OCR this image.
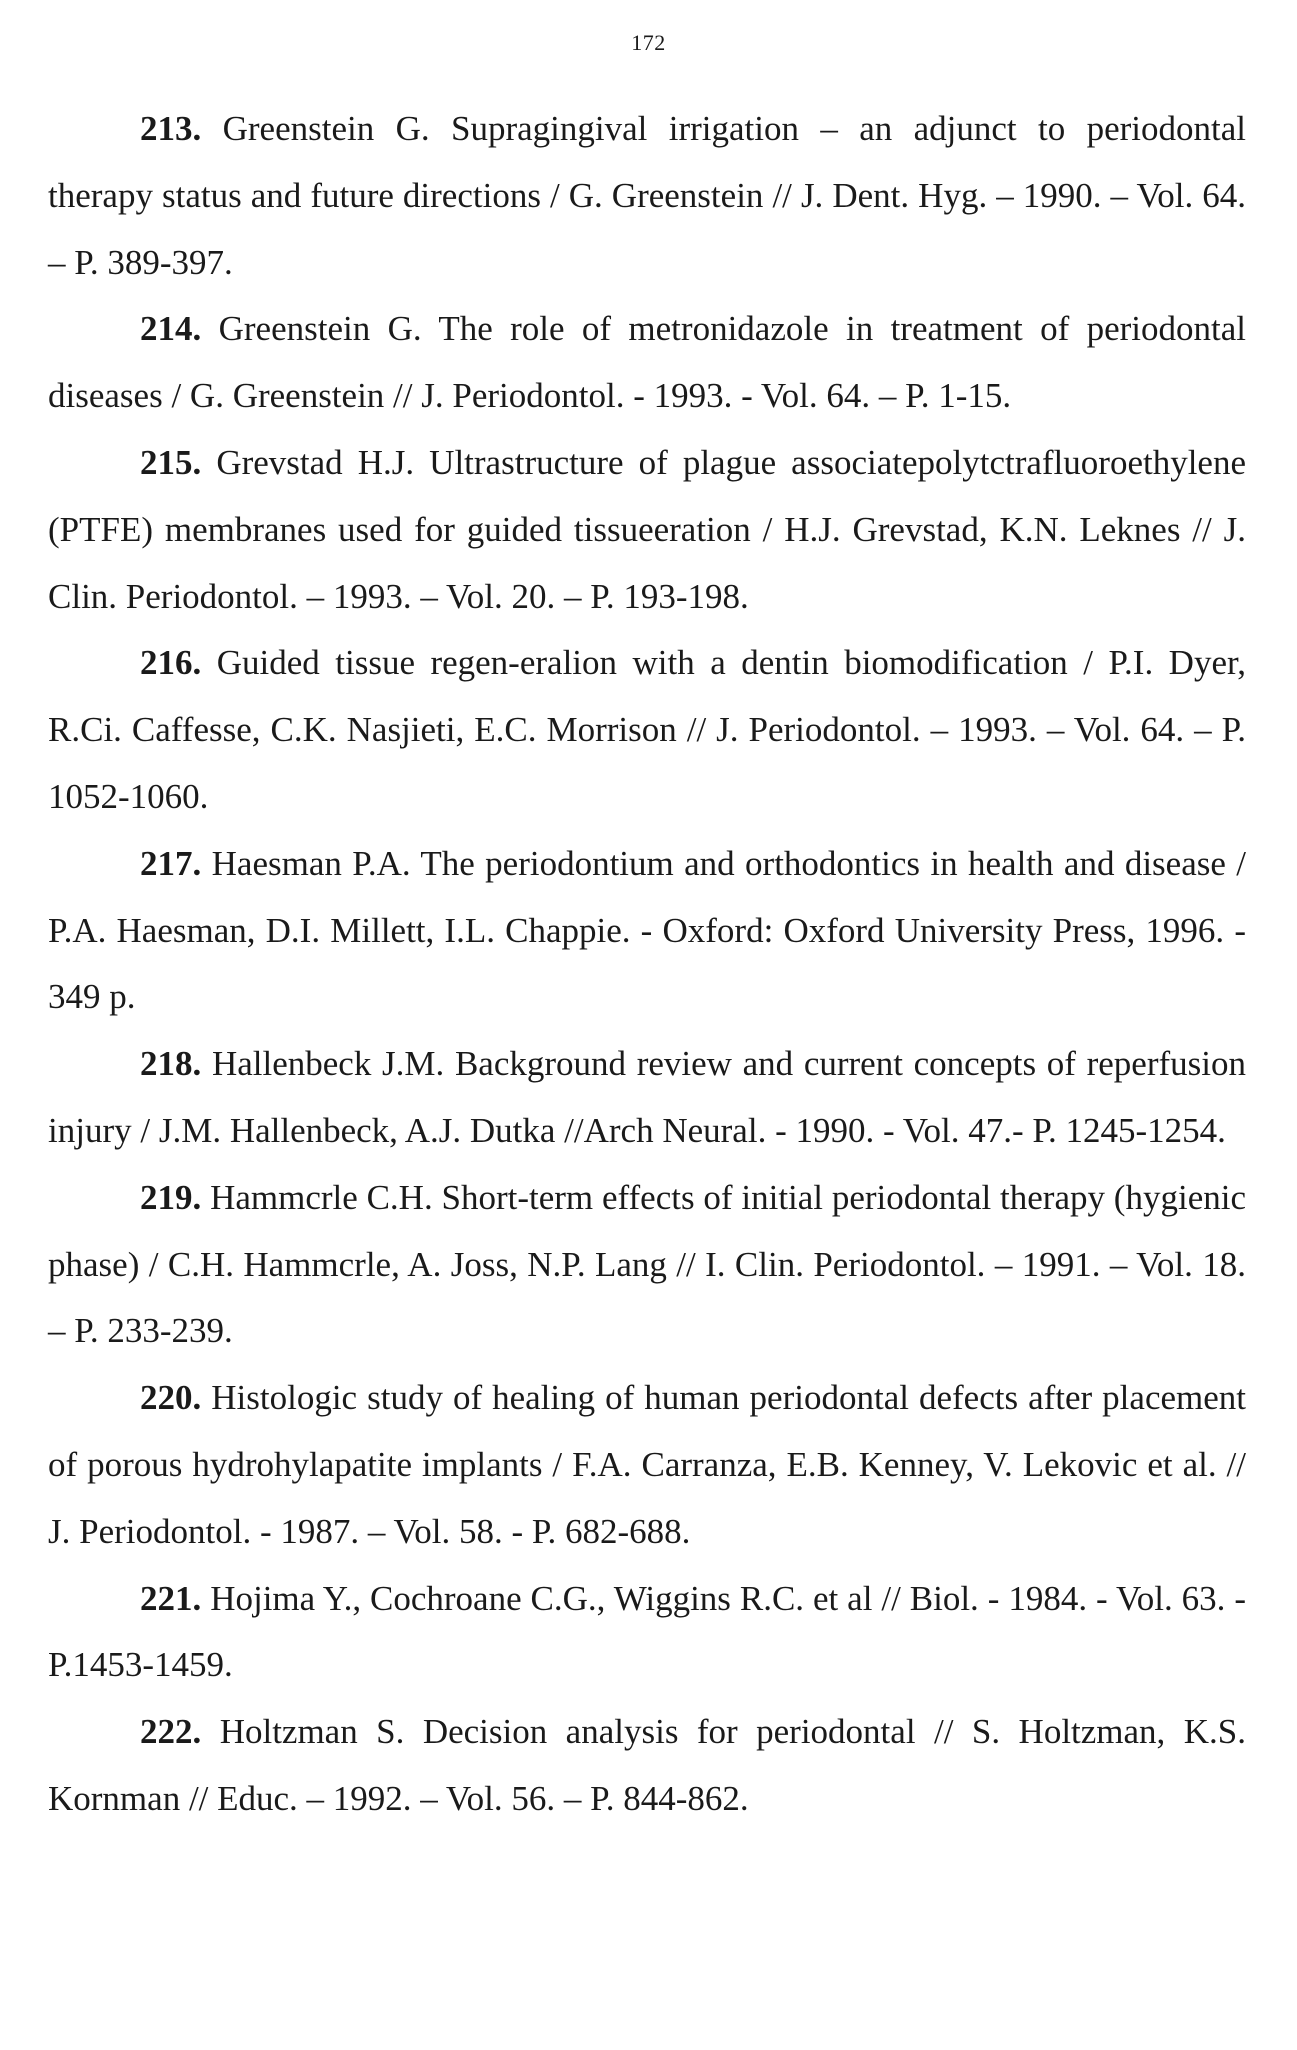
172
213. Greenstein G. Supragingival irrigation – an adjunct to periodontal therapy status and future directions / G. Greenstein // J. Dent. Hyg. – 1990. – Vol. 64. – P. 389-397.
214. Greenstein G. The role of metronidazole in treatment of periodontal diseases / G. Greenstein // J. Periodontol. - 1993. - Vol. 64. – P. 1-15.
215. Grevstad H.J. Ultrastructure of plague associatepolytctrafluoroethylene (PTFE) membranes used for guided tissueeration / H.J. Grevstad, K.N. Leknes // J. Clin. Periodontol. – 1993. – Vol. 20. – P. 193-198.
216. Guided tissue regen-eralion with a dentin biomodification / P.I. Dyer, R.Ci. Caffesse, C.K. Nasjieti, E.C. Morrison // J. Periodontol. – 1993. – Vol. 64. – P. 1052-1060.
217. Haesman P.A. The periodontium and orthodontics in health and disease / P.A. Haesman, D.I. Millett, I.L. Chappie. - Oxford: Oxford University Press, 1996. - 349 p.
218. Hallenbeck J.M. Background review and current concepts of reperfusion injury / J.M. Hallenbeck, A.J. Dutka //Arch Neural. - 1990. - Vol. 47.- P. 1245-1254.
219. Hammcrle C.H. Short-term effects of initial periodontal therapy (hygienic phase) / C.H. Hammcrle, A. Joss, N.P. Lang // I. Clin. Periodontol. – 1991. – Vol. 18. – P. 233-239.
220. Histologic study of healing of human periodontal defects after placement of porous hydrohylapatite implants / F.A. Carranza, E.B. Kenney, V. Lekovic et al. // J. Periodontol. - 1987. – Vol. 58. - P. 682-688.
221. Hojima Y., Cochroane C.G., Wiggins R.C. et al // Biol. - 1984. - Vol. 63. - P.1453-1459.
222. Holtzman S. Decision analysis for periodontal // S. Holtzman, K.S. Kornman // Educ. – 1992. – Vol. 56. – P. 844-862.
